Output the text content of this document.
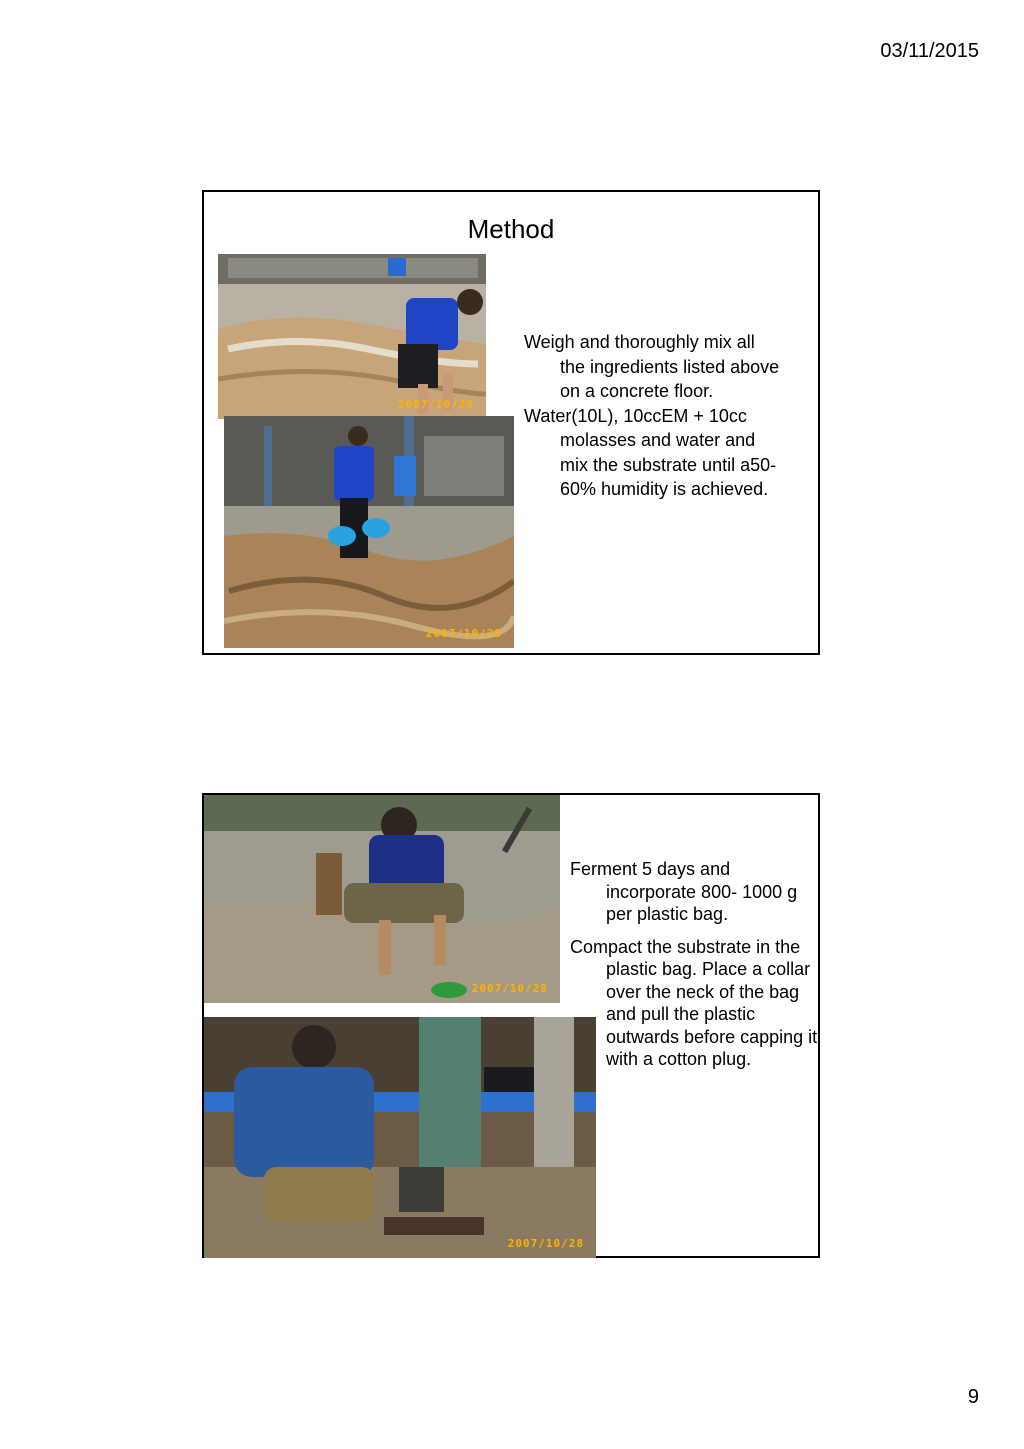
03/11/2015
Method
2007/10/28
2007/10/28
Weigh and thoroughly mix all the ingredients listed above on a concrete floor.
Water(10L), 10ccEM + 10cc molasses and water and mix the substrate until a50-60% humidity is achieved.
2007/10/28
2007/10/28
Ferment 5 days and incorporate 800- 1000 g per plastic bag.
Compact the substrate in the plastic bag. Place a collar over the neck of the bag and pull the plastic outwards before capping it with a cotton plug.
9
